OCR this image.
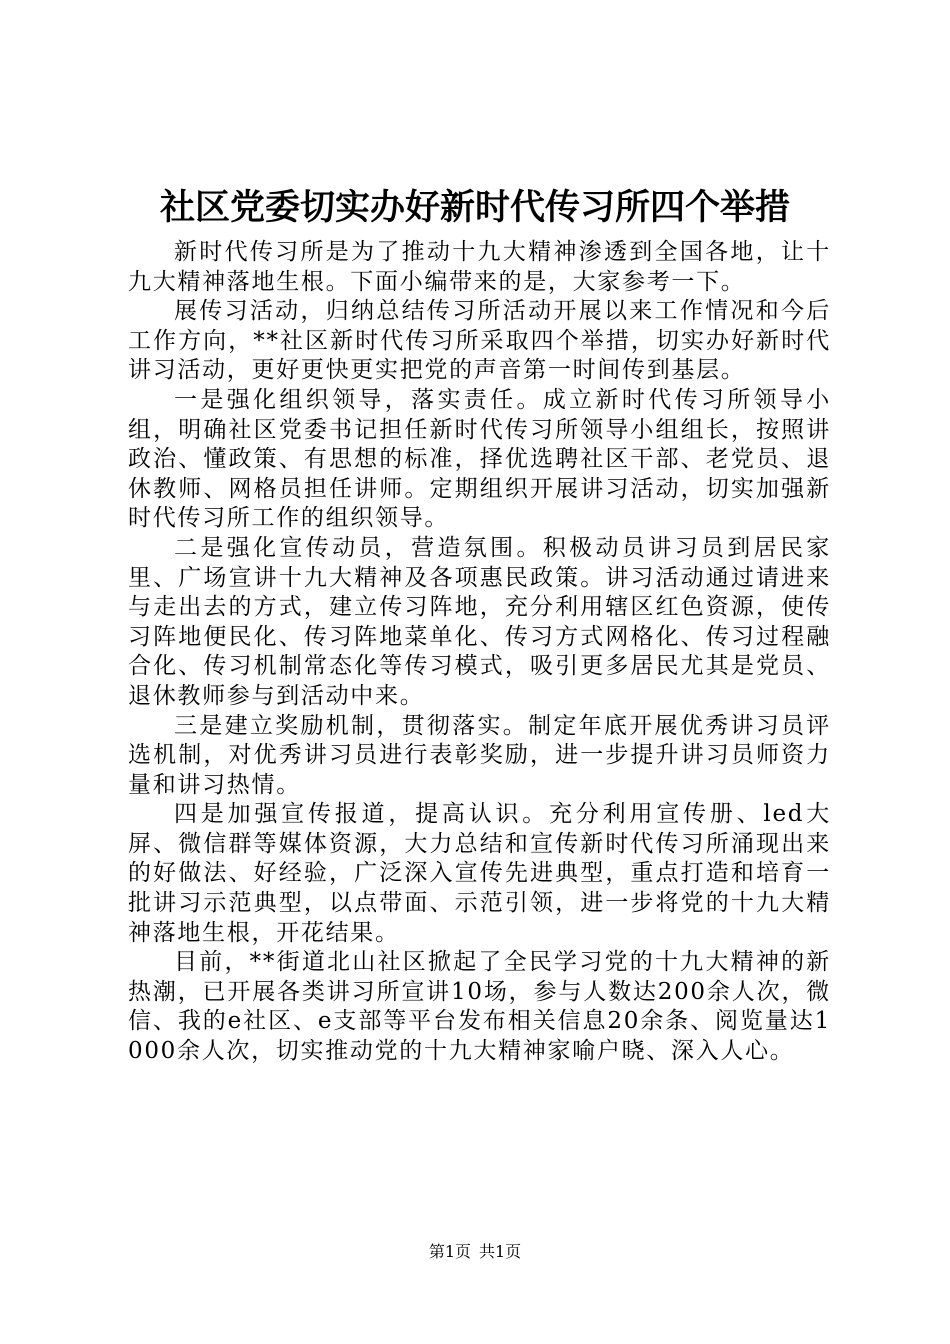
社区党委切实办好新时代传习所四个举措

新时代传习所是为了推动十九大精神渗透到全国各地，让十九大精神落地生根。下面小编带来的是，大家参考一下。

展传习活动，归纳总结传习所活动开展以来工作情况和今后工作方向，**社区新时代传习所采取四个举措，切实办好新时代讲习活动，更好更快更实把党的声音第一时间传到基层。

一是强化组织领导，落实责任。成立新时代传习所领导小组，明确社区党委书记担任新时代传习所领导小组组长，按照讲政治、懂政策、有思想的标准，择优选聘社区干部、老党员、退休教师、网格员担任讲师。定期组织开展讲习活动，切实加强新时代传习所工作的组织领导。

二是强化宣传动员，营造氛围。积极动员讲习员到居民家里、广场宣讲十九大精神及各项惠民政策。讲习活动通过请进来与走出去的方式，建立传习阵地，充分利用辖区红色资源，使传习阵地便民化、传习阵地菜单化、传习方式网格化、传习过程融合化、传习机制常态化等传习模式，吸引更多居民尤其是党员、退休教师参与到活动中来。

三是建立奖励机制，贯彻落实。制定年底开展优秀讲习员评选机制，对优秀讲习员进行表彰奖励，进一步提升讲习员师资力量和讲习热情。

四是加强宣传报道，提高认识。充分利用宣传册、led大屏、微信群等媒体资源，大力总结和宣传新时代传习所涌现出来的好做法、好经验，广泛深入宣传先进典型，重点打造和培育一批讲习示范典型，以点带面、示范引领，进一步将党的十九大精神落地生根，开花结果。

目前，**街道北山社区掀起了全民学习党的十九大精神的新热潮，已开展各类讲习所宣讲10场，参与人数达200余人次，微信、我的e社区、e支部等平台发布相关信息20余条、阅览量达1000余人次，切实推动党的十九大精神家喻户晓、深入人心。

第1页 共1页
